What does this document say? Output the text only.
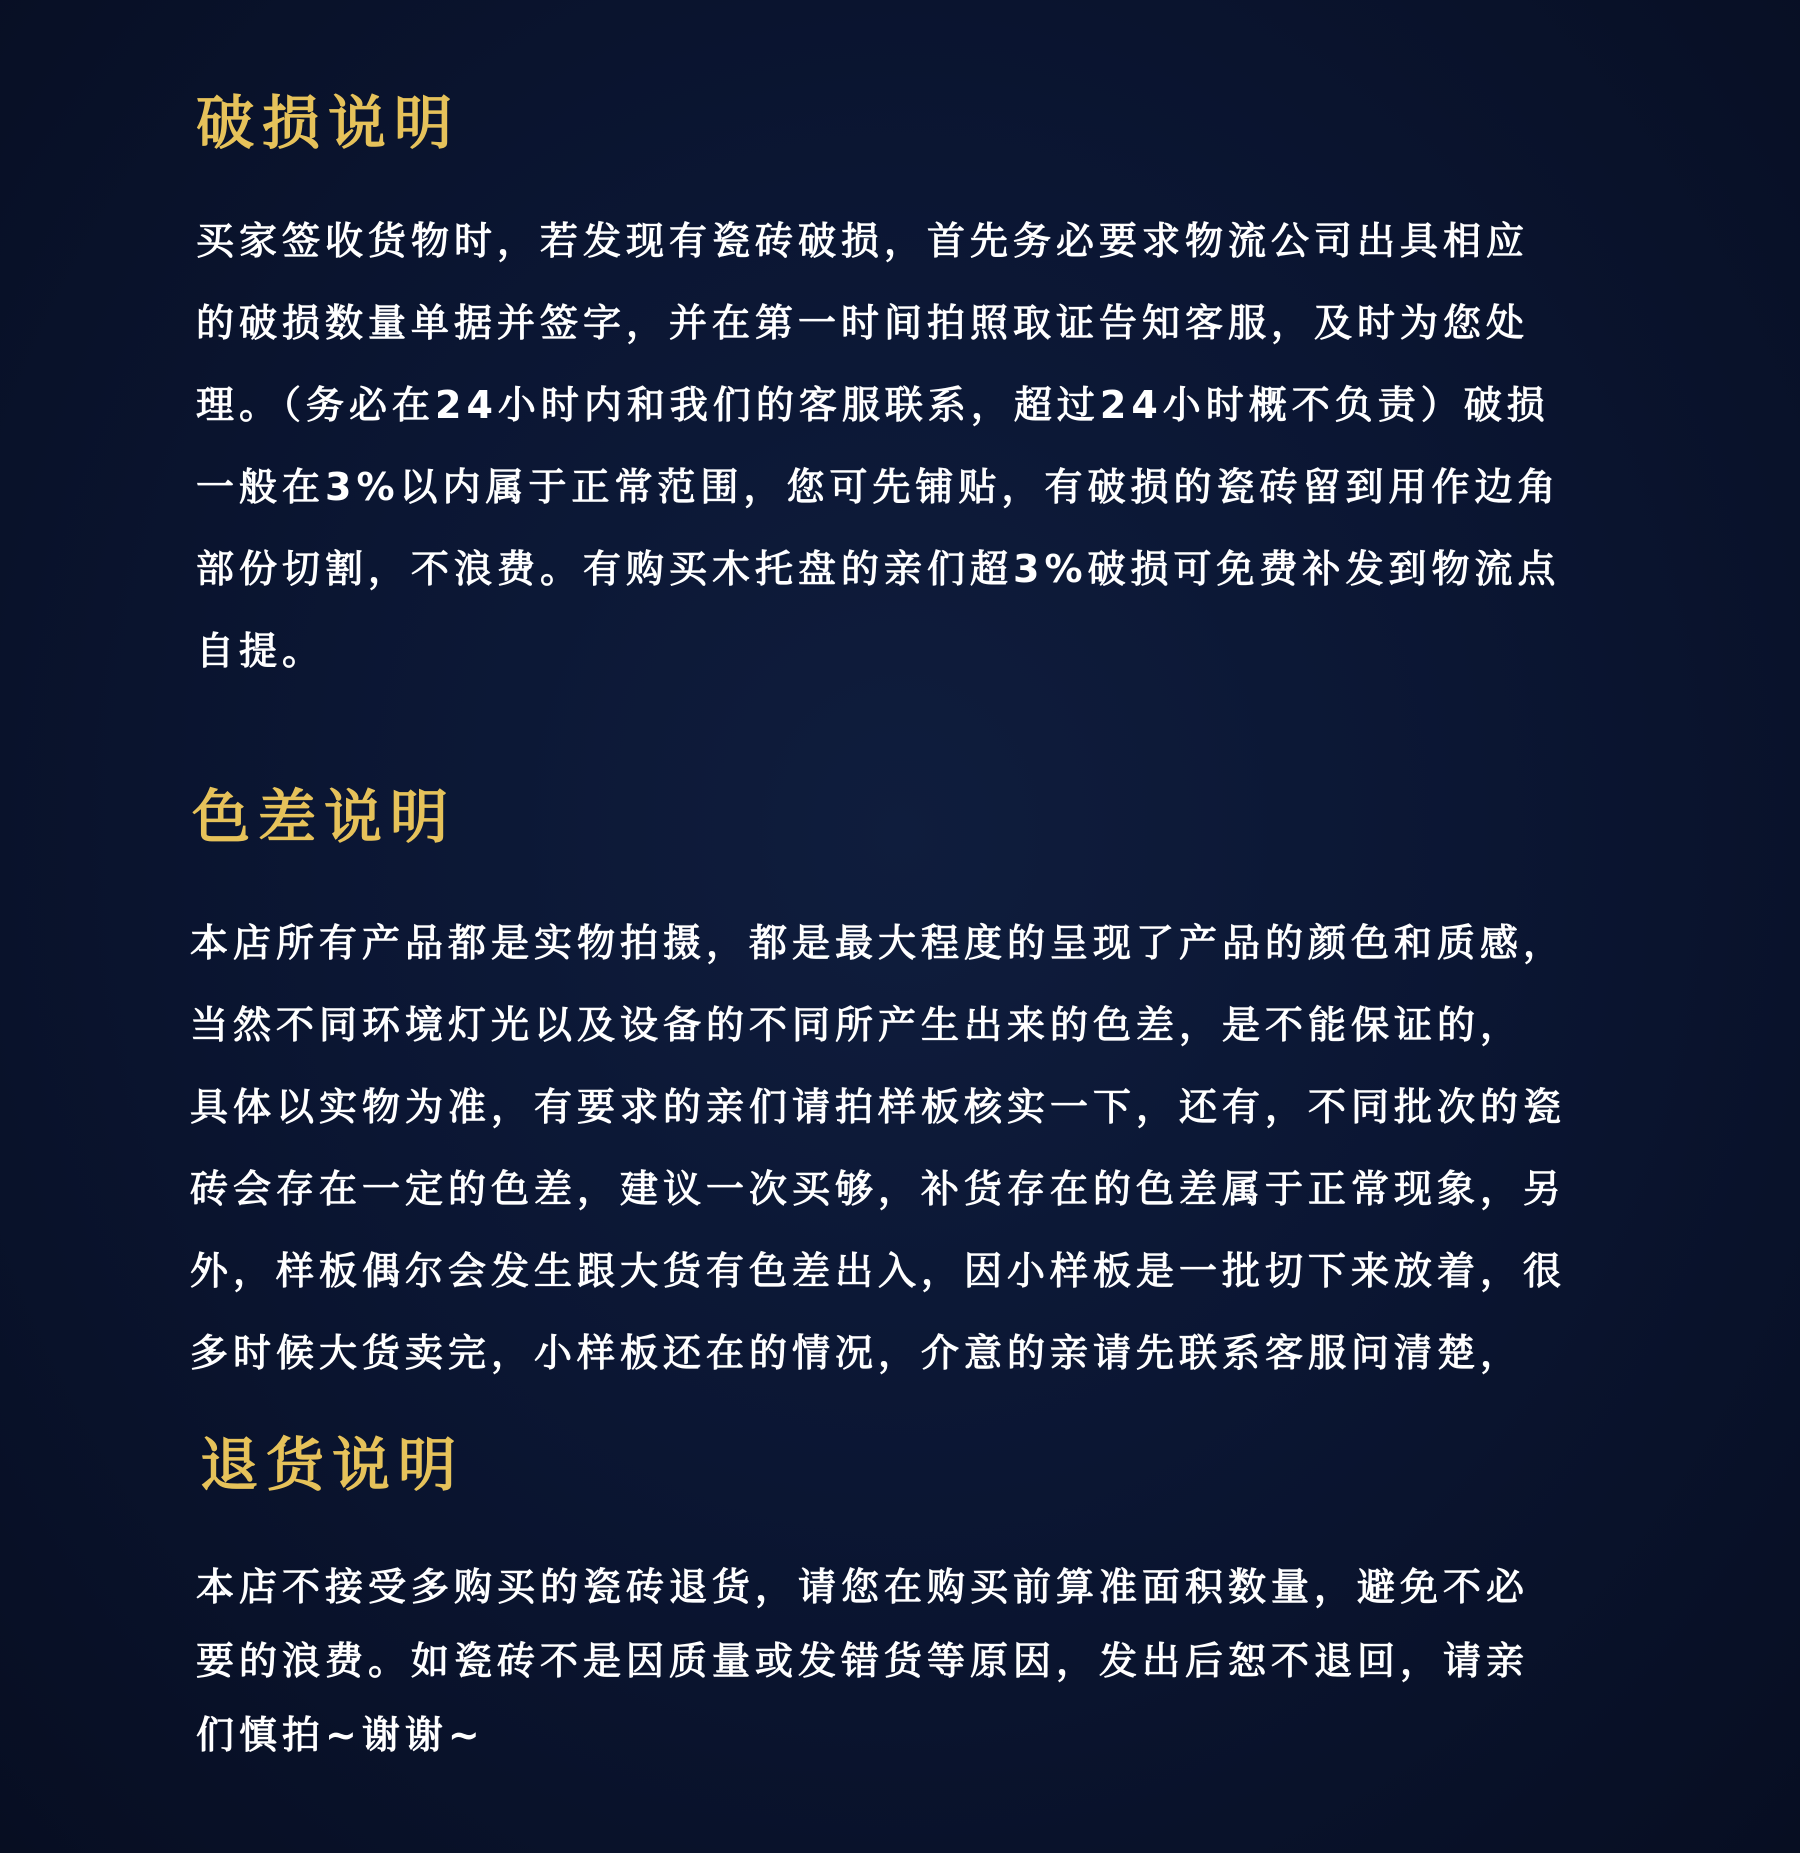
破损说明
买家签收货物时，若发现有瓷砖破损，首先务必要求物流公司出具相应
的破损数量单据并签字，并在第一时间拍照取证告知客服，及时为您处
理。（务必在24小时内和我们的客服联系，超过24小时概不负责）破损
一般在3%以内属于正常范围，您可先铺贴，有破损的瓷砖留到用作边角
部份切割，不浪费。有购买木托盘的亲们超3%破损可免费补发到物流点
自提。
色差说明
本店所有产品都是实物拍摄，都是最大程度的呈现了产品的颜色和质感，
当然不同环境灯光以及设备的不同所产生出来的色差，是不能保证的，
具体以实物为准，有要求的亲们请拍样板核实一下，还有，不同批次的瓷
砖会存在一定的色差，建议一次买够，补货存在的色差属于正常现象，另
外，样板偶尔会发生跟大货有色差出入，因小样板是一批切下来放着，很
多时候大货卖完，小样板还在的情况，介意的亲请先联系客服问清楚，
退货说明
本店不接受多购买的瓷砖退货，请您在购买前算准面积数量，避免不必
要的浪费。如瓷砖不是因质量或发错货等原因，发出后恕不退回，请亲
们慎拍~谢谢~
